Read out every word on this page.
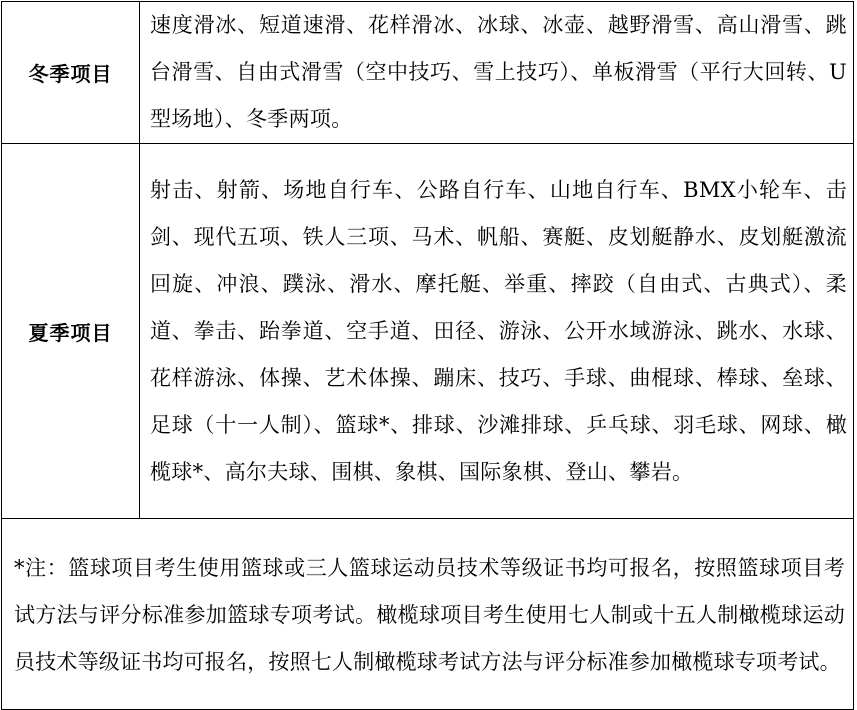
冬季项目	速度滑冰、短道速滑、花样滑冰、冰球、冰壶、越野滑雪、高山滑雪、跳台滑雪、自由式滑雪（空中技巧、雪上技巧）、单板滑雪（平行大回转、U型场地）、冬季两项。
夏季项目	射击、射箭、场地自行车、公路自行车、山地自行车、BMX小轮车、击剑、现代五项、铁人三项、马术、帆船、赛艇、皮划艇静水、皮划艇激流回旋、冲浪、蹼泳、滑水、摩托艇、举重、摔跤（自由式、古典式）、柔道、拳击、跆拳道、空手道、田径、游泳、公开水域游泳、跳水、水球、花样游泳、体操、艺术体操、蹦床、技巧、手球、曲棍球、棒球、垒球、足球（十一人制）、篮球*、排球、沙滩排球、乒乓球、羽毛球、网球、橄榄球*、高尔夫球、围棋、象棋、国际象棋、登山、攀岩。
*注：篮球项目考生使用篮球或三人篮球运动员技术等级证书均可报名，按照篮球项目考试方法与评分标准参加篮球专项考试。橄榄球项目考生使用七人制或十五人制橄榄球运动员技术等级证书均可报名，按照七人制橄榄球考试方法与评分标准参加橄榄球专项考试。	
